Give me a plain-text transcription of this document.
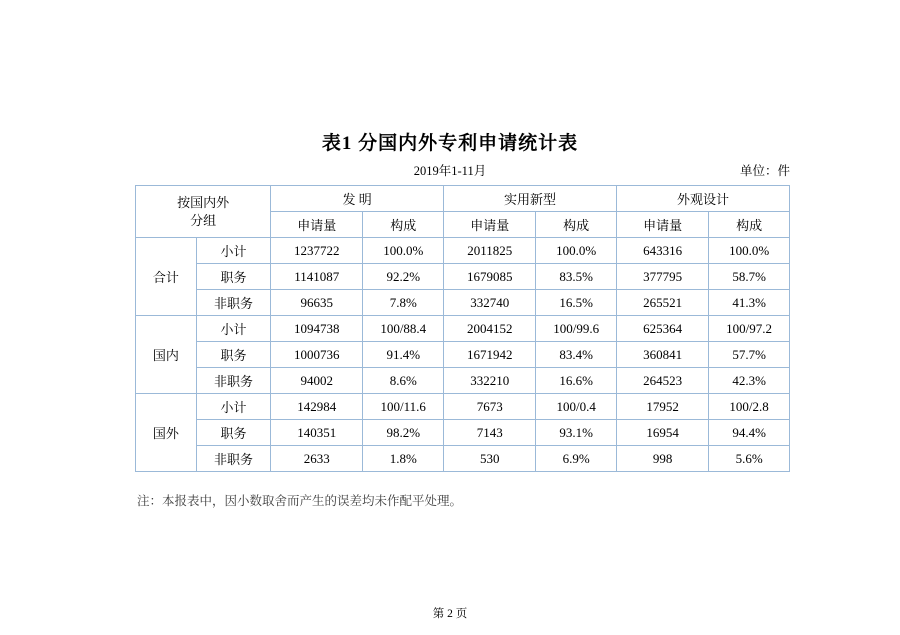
表1 分国内外专利申请统计表
2019年1-11月	单位：件
按国内外
分组		发 明		实用新型		外观设计	
		申请量	构成	申请量	构成	申请量	构成
合计	小计	1237722	100.0%	2011825	100.0%	643316	100.0%
	职务	1141087	92.2%	1679085	83.5%	377795	58.7%
	非职务	96635	7.8%	332740	16.5%	265521	41.3%
国内	小计	1094738	100/88.4	2004152	100/99.6	625364	100/97.2
	职务	1000736	91.4%	1671942	83.4%	360841	57.7%
	非职务	94002	8.6%	332210	16.6%	264523	42.3%
国外	小计	142984	100/11.6	7673	100/0.4	17952	100/2.8
	职务	140351	98.2%	7143	93.1%	16954	94.4%
	非职务	2633	1.8%	530	6.9%	998	5.6%
注：本报表中，因小数取舍而产生的误差均未作配平处理。
第 2 页
